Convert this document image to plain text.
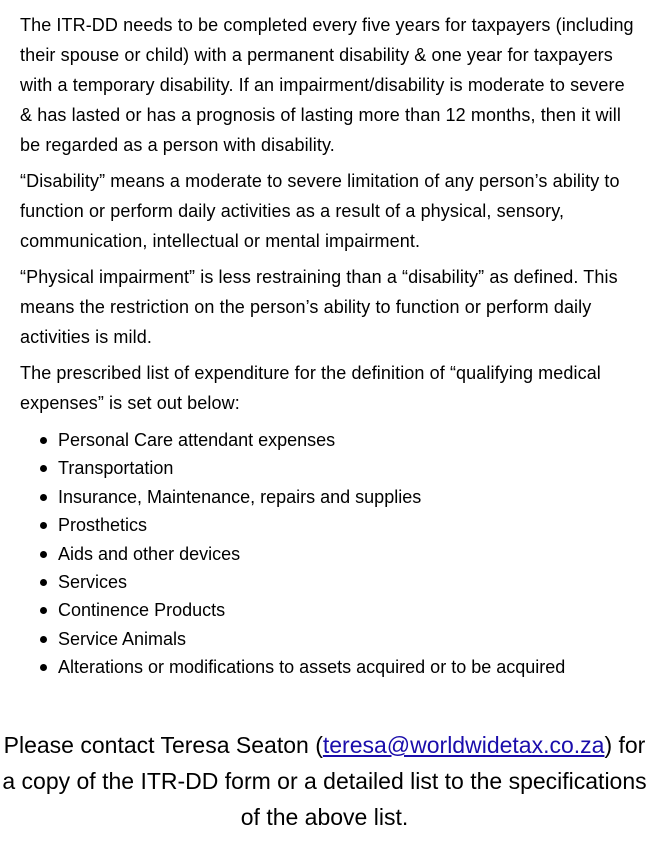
The ITR-DD needs to be completed every five years for taxpayers (including their spouse or child) with a permanent disability & one year for taxpayers with a temporary disability. If an impairment/disability is moderate to severe & has lasted or has a prognosis of lasting more than 12 months, then it will be regarded as a person with disability.

“Disability” means a moderate to severe limitation of any person’s ability to function or perform daily activities as a result of a physical, sensory, communication, intellectual or mental impairment.

“Physical impairment” is less restraining than a “disability” as defined. This means the restriction on the person’s ability to function or perform daily activities is mild.

The prescribed list of expenditure for the definition of “qualifying medical expenses” is set out below:

Personal Care attendant expenses
Transportation
Insurance, Maintenance, repairs and supplies
Prosthetics
Aids and other devices
Services
Continence Products
Service Animals
Alterations or modifications to assets acquired or to be acquired

Please contact Teresa Seaton (teresa@worldwidetax.co.za) for a copy of the ITR-DD form or a detailed list to the specifications of the above list.
